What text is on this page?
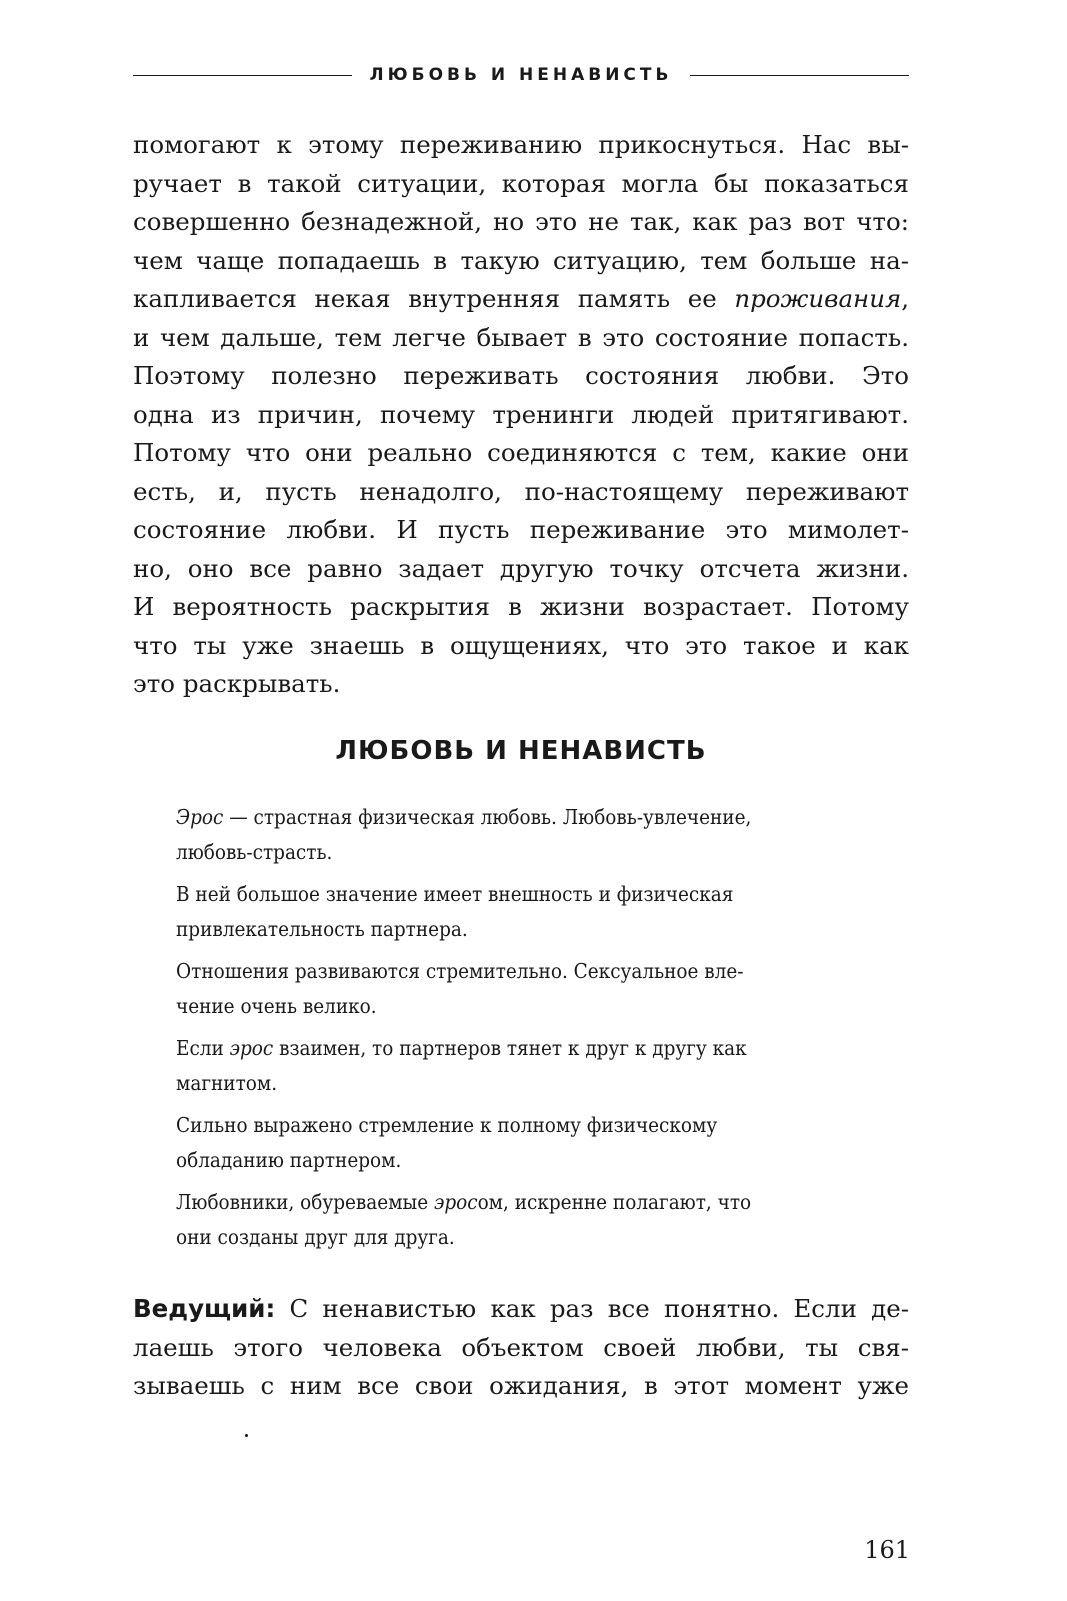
ЛЮБОВЬ И НЕНАВИСТЬ
помогают к этому переживанию прикоснуться. Нас вы-
ручает в такой ситуации, которая могла бы показаться
совершенно безнадежной, но это не так, как раз вот что:
чем чаще попадаешь в такую ситуацию, тем больше на-
капливается некая внутренняя память ее проживания,
и чем дальше, тем легче бывает в это состояние попасть.
Поэтому полезно переживать состояния любви. Это
одна из причин, почему тренинги людей притягивают.
Потому что они реально соединяются с тем, какие они
есть, и, пусть ненадолго, по-настоящему переживают
состояние любви. И пусть переживание это мимолет-
но, оно все равно задает другую точку отсчета жизни.
И вероятность раскрытия в жизни возрастает. Потому
что ты уже знаешь в ощущениях, что это такое и как
это раскрывать.
ЛЮБОВЬ И НЕНАВИСТЬ
Эрос — страстная физическая любовь. Любовь-увлечение,
любовь-страсть.
В ней большое значение имеет внешность и физическая
привлекательность партнера.
Отношения развиваются стремительно. Сексуальное вле-
чение очень велико.
Если эрос взаимен, то партнеров тянет к друг к другу как
магнитом.
Сильно выражено стремление к полному физическому
обладанию партнером.
Любовники, обуреваемые эросом, искренне полагают, что
они созданы друг для друга.
Ведущий: С ненавистью как раз все понятно. Если де-
лаешь этого человека объектом своей любви, ты свя-
зываешь с ним все свои ожидания, в этот момент уже
161
